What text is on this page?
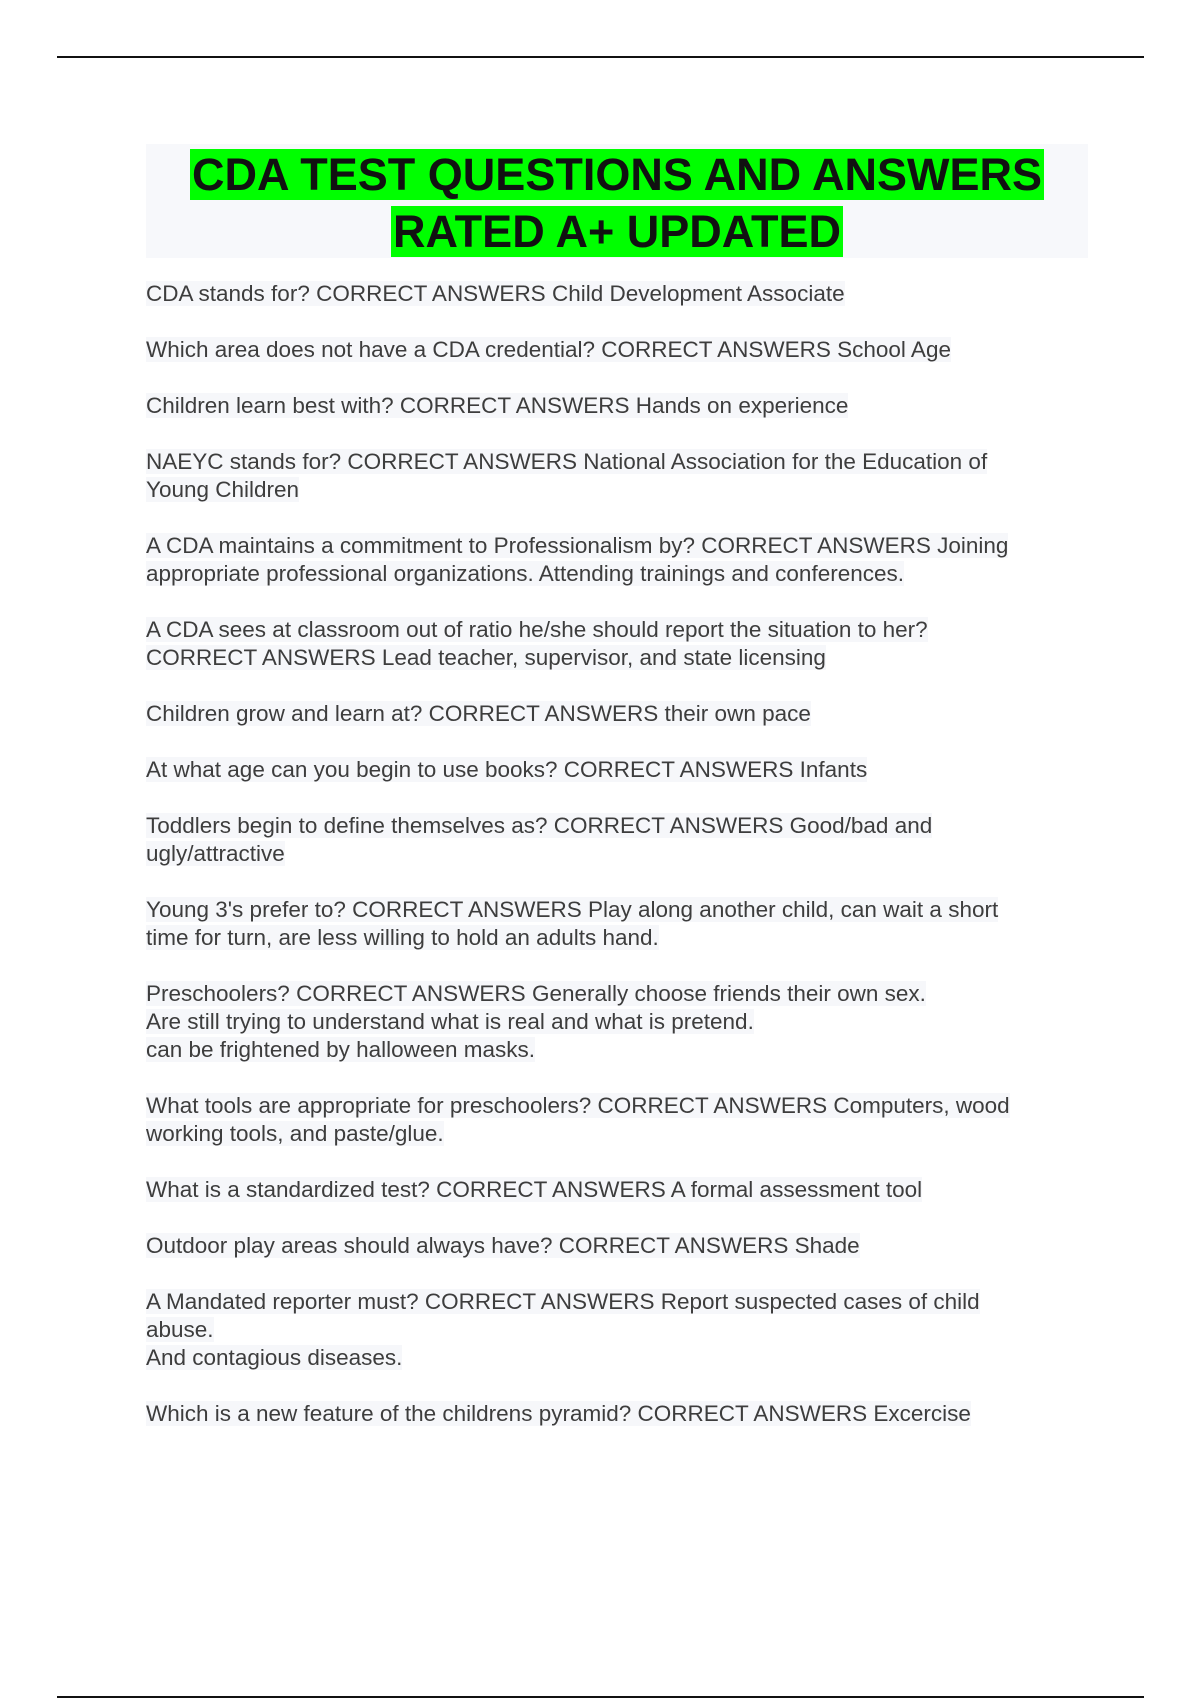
CDA TEST QUESTIONS AND ANSWERS
RATED A+ UPDATED

CDA stands for? CORRECT ANSWERS Child Development Associate

Which area does not have a CDA credential? CORRECT ANSWERS School Age

Children learn best with? CORRECT ANSWERS Hands on experience

NAEYC stands for? CORRECT ANSWERS National Association for the Education of
Young Children

A CDA maintains a commitment to Professionalism by? CORRECT ANSWERS Joining
appropriate professional organizations. Attending trainings and conferences.

A CDA sees at classroom out of ratio he/she should report the situation to her?
CORRECT ANSWERS Lead teacher, supervisor, and state licensing

Children grow and learn at? CORRECT ANSWERS their own pace

At what age can you begin to use books? CORRECT ANSWERS Infants

Toddlers begin to define themselves as? CORRECT ANSWERS Good/bad and
ugly/attractive

Young 3's prefer to? CORRECT ANSWERS Play along another child, can wait a short
time for turn, are less willing to hold an adults hand.

Preschoolers? CORRECT ANSWERS Generally choose friends their own sex.
Are still trying to understand what is real and what is pretend.
can be frightened by halloween masks.

What tools are appropriate for preschoolers? CORRECT ANSWERS Computers, wood
working tools, and paste/glue.

What is a standardized test? CORRECT ANSWERS A formal assessment tool

Outdoor play areas should always have? CORRECT ANSWERS Shade

A Mandated reporter must? CORRECT ANSWERS Report suspected cases of child
abuse.
And contagious diseases.

Which is a new feature of the childrens pyramid? CORRECT ANSWERS Excercise
